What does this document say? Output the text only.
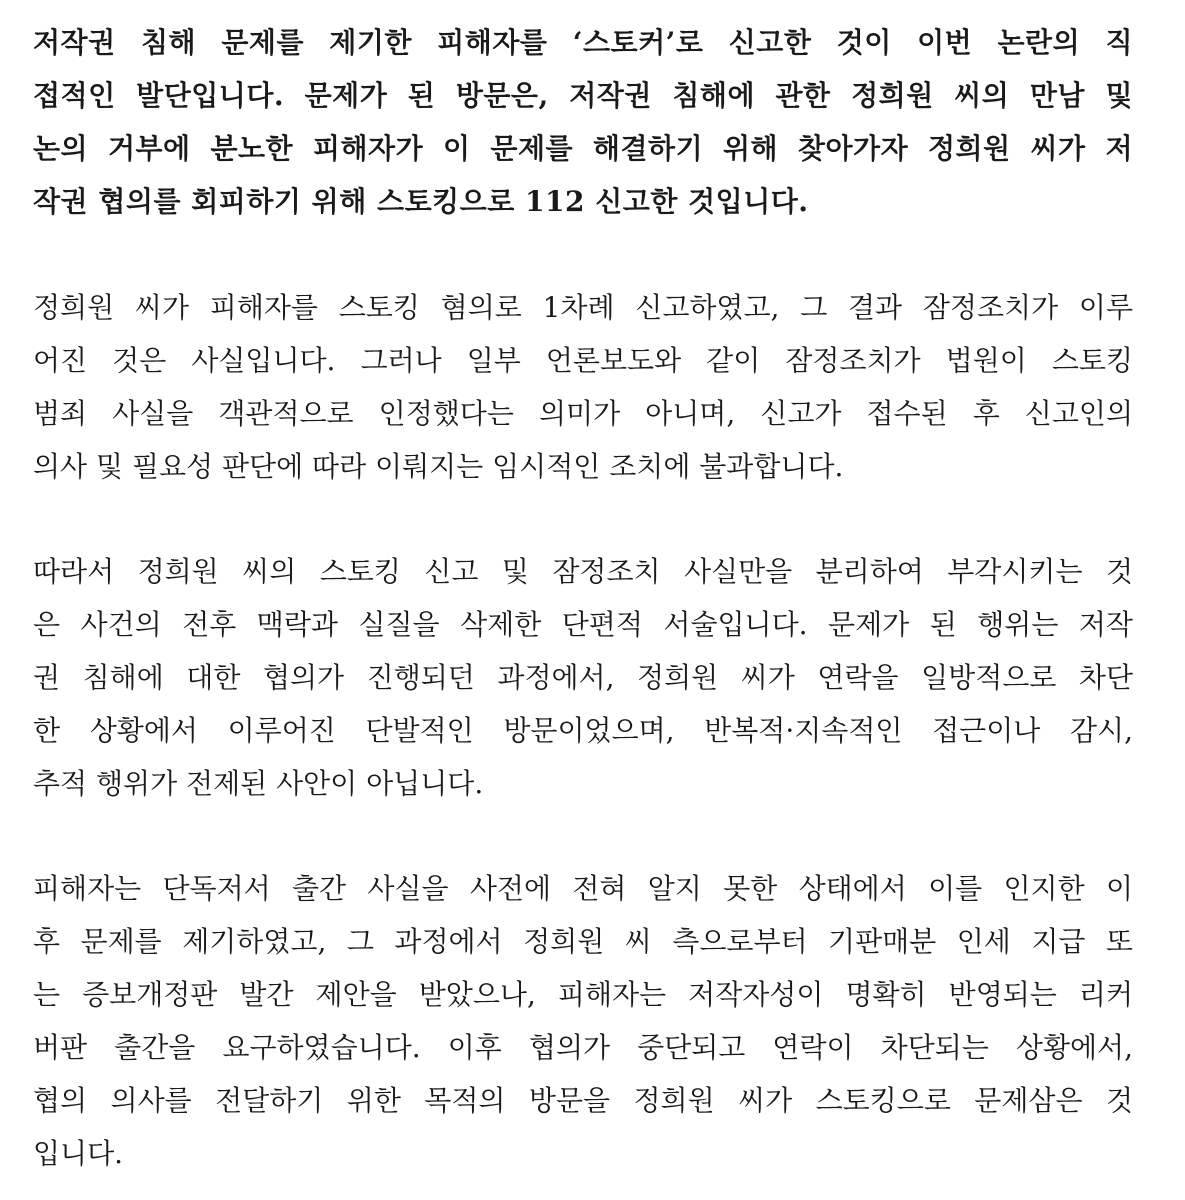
저작권 침해 문제를 제기한 피해자를 ‘스토커’로 신고한 것이 이번 논란의 직
접적인 발단입니다. 문제가 된 방문은, 저작권 침해에 관한 정희원 씨의 만남 및
논의 거부에 분노한 피해자가 이 문제를 해결하기 위해 찾아가자 정희원 씨가 저
작권 협의를 회피하기 위해 스토킹으로 112 신고한 것입니다.

정희원 씨가 피해자를 스토킹 혐의로 1차례 신고하였고, 그 결과 잠정조치가 이루
어진 것은 사실입니다. 그러나 일부 언론보도와 같이 잠정조치가 법원이 스토킹
범죄 사실을 객관적으로 인정했다는 의미가 아니며, 신고가 접수된 후 신고인의
의사 및 필요성 판단에 따라 이뤄지는 임시적인 조치에 불과합니다.

따라서 정희원 씨의 스토킹 신고 및 잠정조치 사실만을 분리하여 부각시키는 것
은 사건의 전후 맥락과 실질을 삭제한 단편적 서술입니다. 문제가 된 행위는 저작
권 침해에 대한 협의가 진행되던 과정에서, 정희원 씨가 연락을 일방적으로 차단
한 상황에서 이루어진 단발적인 방문이었으며, 반복적·지속적인 접근이나 감시,
추적 행위가 전제된 사안이 아닙니다.

피해자는 단독저서 출간 사실을 사전에 전혀 알지 못한 상태에서 이를 인지한 이
후 문제를 제기하였고, 그 과정에서 정희원 씨 측으로부터 기판매분 인세 지급 또
는 증보개정판 발간 제안을 받았으나, 피해자는 저작자성이 명확히 반영되는 리커
버판 출간을 요구하였습니다. 이후 협의가 중단되고 연락이 차단되는 상황에서,
협의 의사를 전달하기 위한 목적의 방문을 정희원 씨가 스토킹으로 문제삼은 것
입니다.
